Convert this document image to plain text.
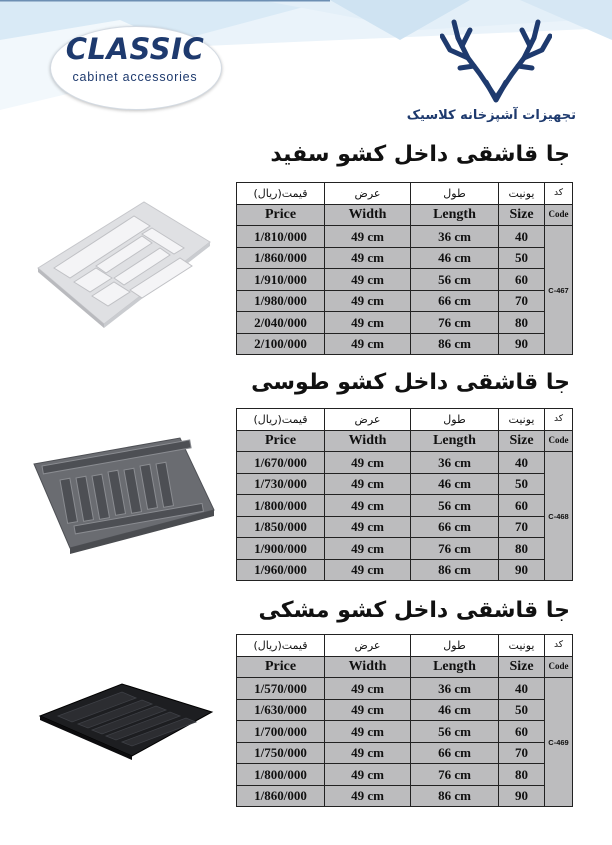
CLASSIC
cabinet accessories
تجهیزات آشپزخانه کلاسیک
جا قاشقی داخل کشو سفید
قیمت(ریال)	عرض	طول	یونیت	کد
Price	Width	Length	Size	Code
1/810/000	49 cm	36 cm	40	C-467
1/860/000	49 cm	46 cm	50	
1/910/000	49 cm	56 cm	60	
1/980/000	49 cm	66 cm	70	
2/040/000	49 cm	76 cm	80	
2/100/000	49 cm	86 cm	90	
جا قاشقی داخل کشو طوسی
قیمت(ریال)	عرض	طول	یونیت	کد
Price	Width	Length	Size	Code
1/670/000	49 cm	36 cm	40	C-468
1/730/000	49 cm	46 cm	50	
1/800/000	49 cm	56 cm	60	
1/850/000	49 cm	66 cm	70	
1/900/000	49 cm	76 cm	80	
1/960/000	49 cm	86 cm	90	
جا قاشقی داخل کشو مشکی
قیمت(ریال)	عرض	طول	یونیت	کد
Price	Width	Length	Size	Code
1/570/000	49 cm	36 cm	40	C-469
1/630/000	49 cm	46 cm	50	
1/700/000	49 cm	56 cm	60	
1/750/000	49 cm	66 cm	70	
1/800/000	49 cm	76 cm	80	
1/860/000	49 cm	86 cm	90	
